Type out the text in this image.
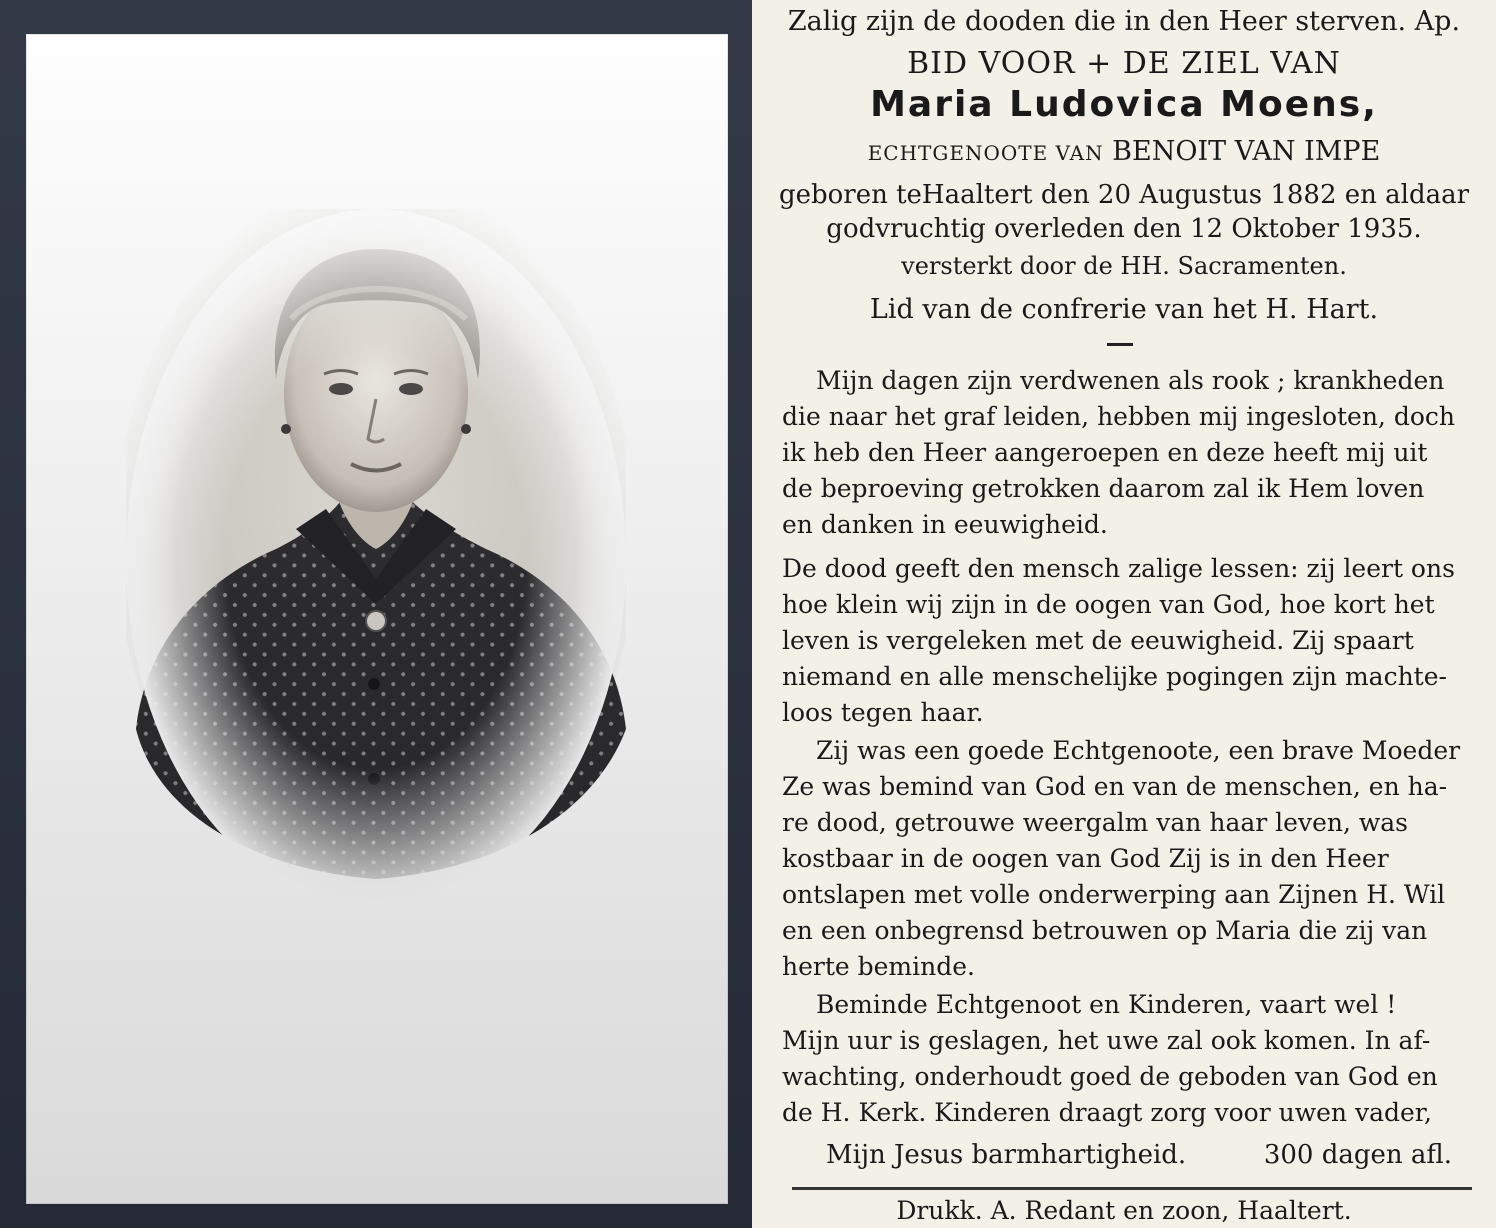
Zalig zijn de dooden die in den Heer sterven. Ap.
BID VOOR + DE ZIEL VAN
Maria Ludovica Moens,
ECHTGENOOTE VAN BENOIT VAN IMPE
geboren teHaaltert den 20 Augustus 1882 en aldaar
godvruchtig overleden den 12 Oktober 1935.
versterkt door de HH. Sacramenten.
Lid van de confrerie van het H. Hart.
Mijn dagen zijn verdwenen als rook ; krankheden
die naar het graf leiden, hebben mij ingesloten, doch
ik heb den Heer aangeroepen en deze heeft mij uit
de beproeving getrokken daarom zal ik Hem loven
en danken in eeuwigheid.
De dood geeft den mensch zalige lessen: zij leert ons
hoe klein wij zijn in de oogen van God, hoe kort het
leven is vergeleken met de eeuwigheid. Zij spaart
niemand en alle menschelijke pogingen zijn machte-
loos tegen haar.
Zij was een goede Echtgenoote, een brave Moeder
Ze was bemind van God en van de menschen, en ha-
re dood, getrouwe weergalm van haar leven, was
kostbaar in de oogen van God Zij is in den Heer
ontslapen met volle onderwerping aan Zijnen H. Wil
en een onbegrensd betrouwen op Maria die zij van
herte beminde.
Beminde Echtgenoot en Kinderen, vaart wel !
Mijn uur is geslagen, het uwe zal ook komen. In af-
wachting, onderhoudt goed de geboden van God en
de H. Kerk. Kinderen draagt zorg voor uwen vader,
Mijn Jesus barmhartigheid.	300 dagen afl.
Drukk. A. Redant en zoon, Haaltert.
